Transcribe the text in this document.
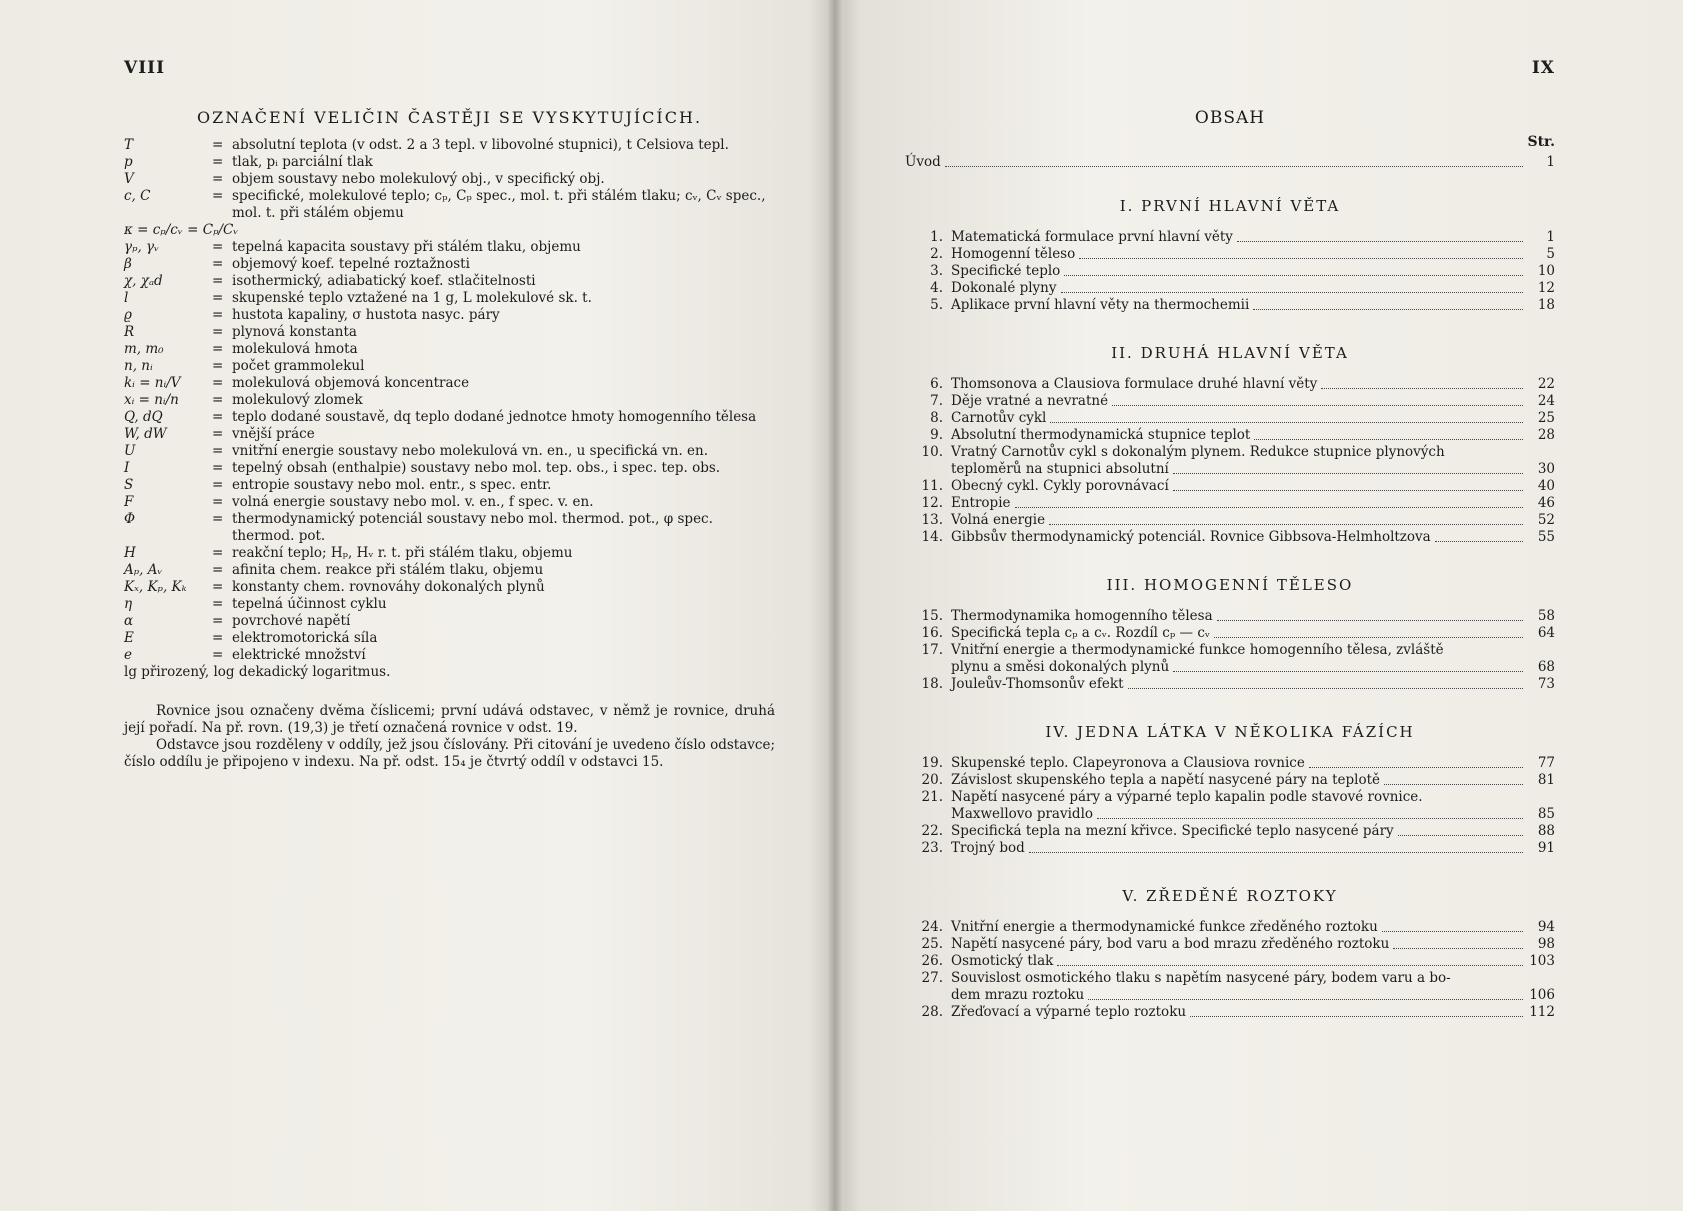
VIII
OZNAČENÍ VELIČIN ČASTĚJI SE VYSKYTUJÍCÍCH.
T	=	absolutní teplota (v odst. 2 a 3 tepl. v libovolné stupnici), t Celsiova tepl.
p	=	tlak, pᵢ parciální tlak
V	=	objem soustavy nebo molekulový obj., v specifický obj.
c, C	=	specifické, molekulové teplo; cₚ, Cₚ spec., mol. t. při stálém tlaku; cᵥ, Cᵥ spec., mol. t. při stálém objemu
κ = cₚ/cᵥ = Cₚ/Cᵥ		
γₚ, γᵥ	=	tepelná kapacita soustavy při stálém tlaku, objemu
β	=	objemový koef. tepelné roztažnosti
χ, χₐd	=	isothermický, adiabatický koef. stlačitelnosti
l	=	skupenské teplo vztažené na 1 g, L molekulové sk. t.
ϱ	=	hustota kapaliny, σ hustota nasyc. páry
R	=	plynová konstanta
m, m₀	=	molekulová hmota
n, nᵢ	=	počet grammolekul
kᵢ = nᵢ/V	=	molekulová objemová koncentrace
xᵢ = nᵢ/n	=	molekulový zlomek
Q, dQ	=	teplo dodané soustavě, dq teplo dodané jednotce hmoty homogenního tělesa
W, dW	=	vnější práce
U	=	vnitřní energie soustavy nebo molekulová vn. en., u specifická vn. en.
I	=	tepelný obsah (enthalpie) soustavy nebo mol. tep. obs., i spec. tep. obs.
S	=	entropie soustavy nebo mol. entr., s spec. entr.
F	=	volná energie soustavy nebo mol. v. en., f spec. v. en.
Φ	=	thermodynamický potenciál soustavy nebo mol. thermod. pot., φ spec. thermod. pot.
H	=	reakční teplo; Hₚ, Hᵥ r. t. při stálém tlaku, objemu
Aₚ, Aᵥ	=	afinita chem. reakce při stálém tlaku, objemu
Kₓ, Kₚ, Kₖ	=	konstanty chem. rovnováhy dokonalých plynů
η	=	tepelná účinnost cyklu
α	=	povrchové napětí
E	=	elektromotorická síla
e	=	elektrické množství
lg přirozený, log dekadický logaritmus.

Rovnice jsou označeny dvěma číslicemi; první udává odstavec, v němž je rovnice, druhá její pořadí. Na př. rovn. (19,3) je třetí označená rovnice v odst. 19.

Odstavce jsou rozděleny v oddíly, jež jsou číslovány. Při citování je uvedeno číslo odstavce; číslo oddílu je připojeno v indexu. Na př. odst. 15₄ je čtvrtý oddíl v odstavci 15.

IX
OBSAH
Str.
Úvod	1
I. PRVNÍ HLAVNÍ VĚTA
1. Matematická formulace první hlavní věty	1
2. Homogenní těleso	5
3. Specifické teplo	10
4. Dokonalé plyny	12
5. Aplikace první hlavní věty na thermochemii	18
II. DRUHÁ HLAVNÍ VĚTA
6. Thomsonova a Clausiova formulace druhé hlavní věty	22
7. Děje vratné a nevratné	24
8. Carnotův cykl	25
9. Absolutní thermodynamická stupnice teplot	28
10. Vratný Carnotův cykl s dokonalým plynem. Redukce stupnice plynových
teploměrů na stupnici absolutní	30
11. Obecný cykl. Cykly porovnávací	40
12. Entropie	46
13. Volná energie	52
14. Gibbsův thermodynamický potenciál. Rovnice Gibbsova-Helmholtzova	55
III. HOMOGENNÍ TĚLESO
15. Thermodynamika homogenního tělesa	58
16. Specifická tepla cₚ a cᵥ. Rozdíl cₚ — cᵥ	64
17. Vnitřní energie a thermodynamické funkce homogenního tělesa, zvláště
plynu a směsi dokonalých plynů	68
18. Jouleův-Thomsonův efekt	73
IV. JEDNA LÁTKA V NĚKOLIKA FÁZÍCH
19. Skupenské teplo. Clapeyronova a Clausiova rovnice	77
20. Závislost skupenského tepla a napětí nasycené páry na teplotě	81
21. Napětí nasycené páry a výparné teplo kapalin podle stavové rovnice.
Maxwellovo pravidlo	85
22. Specifická tepla na mezní křivce. Specifické teplo nasycené páry	88
23. Trojný bod	91
V. ZŘEDĚNÉ ROZTOKY
24. Vnitřní energie a thermodynamické funkce zředěného roztoku	94
25. Napětí nasycené páry, bod varu a bod mrazu zředěného roztoku	98
26. Osmotický tlak	103
27. Souvislost osmotického tlaku s napětím nasycené páry, bodem varu a bo-
dem mrazu roztoku	106
28. Zřeďovací a výparné teplo roztoku	112
